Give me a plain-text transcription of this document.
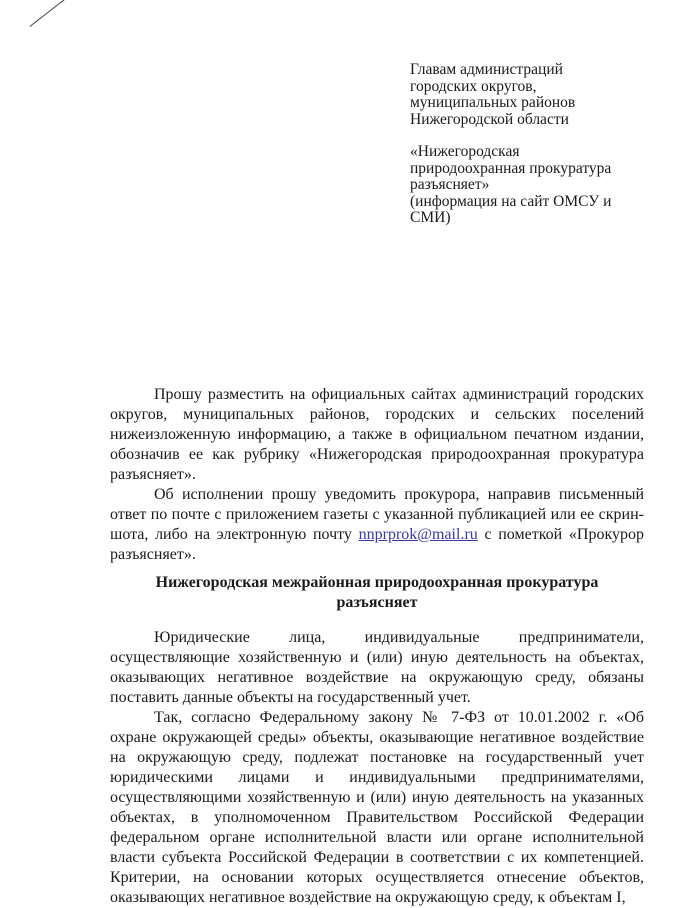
Главам администраций
городских округов,
муниципальных районов
Нижегородской области
«Нижегородская
природоохранная прокуратура
разъясняет»
(информация на сайт ОМСУ и
СМИ)

Прошу разместить на официальных сайтах администраций городских округов, муниципальных районов, городских и сельских поселений нижеизложенную информацию, а также в официальном печатном издании, обозначив ее как рубрику «Нижегородская природоохранная прокуратура разъясняет».

Об исполнении прошу уведомить прокурора, направив письменный ответ по почте с приложением газеты с указанной публикацией или ее скрин-шота, либо на электронную почту nnprprok@mail.ru с пометкой «Прокурор разъясняет».

Нижегородская межрайонная природоохранная прокуратура
разъясняет

Юридические лица, индивидуальные предприниматели, осуществляющие хозяйственную и (или) иную деятельность на объектах, оказывающих негативное воздействие на окружающую среду, обязаны поставить данные объекты на государственный учет.

Так, согласно Федеральному закону № 7-ФЗ от 10.01.2002 г. «Об охране окружающей среды» объекты, оказывающие негативное воздействие на окружающую среду, подлежат постановке на государственный учет юридическими лицами и индивидуальными предпринимателями, осуществляющими хозяйственную и (или) иную деятельность на указанных объектах, в уполномоченном Правительством Российской Федерации федеральном органе исполнительной власти или органе исполнительной власти субъекта Российской Федерации в соответствии с их компетенцией. Критерии, на основании которых осуществляется отнесение объектов, оказывающих негативное воздействие на окружающую среду, к объектам I,
